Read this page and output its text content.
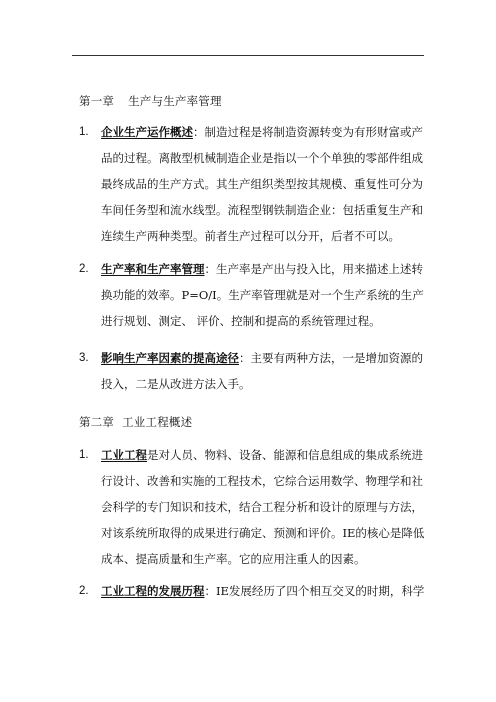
第一章 生产与生产率管理
1.	企业生产运作概述：制造过程是将制造资源转变为有形财富或产
品的过程。离散型机械制造企业是指以一个个单独的零部件组成
最终成品的生产方式。其生产组织类型按其规模、重复性可分为
车间任务型和流水线型。流程型钢铁制造企业：包括重复生产和
连续生产两种类型。前者生产过程可以分开，后者不可以。
2.	生产率和生产率管理：生产率是产出与投入比，用来描述上述转
换功能的效率。P=O/I。生产率管理就是对一个生产系统的生产
进行规划、测定、 评价、控制和提高的系统管理过程。
3.	影响生产率因素的提高途径：主要有两种方法，一是增加资源的
投入，二是从改进方法入手。
第二章 工业工程概述
1.	工业工程是对人员、物料、设备、能源和信息组成的集成系统进
行设计、改善和实施的工程技术，它综合运用数学、物理学和社
会科学的专门知识和技术，结合工程分析和设计的原理与方法，
对该系统所取得的成果进行确定、预测和评价。IE的核心是降低
成本、提高质量和生产率。它的应用注重人的因素。
2.	工业工程的发展历程：IE发展经历了四个相互交叉的时期，科学
